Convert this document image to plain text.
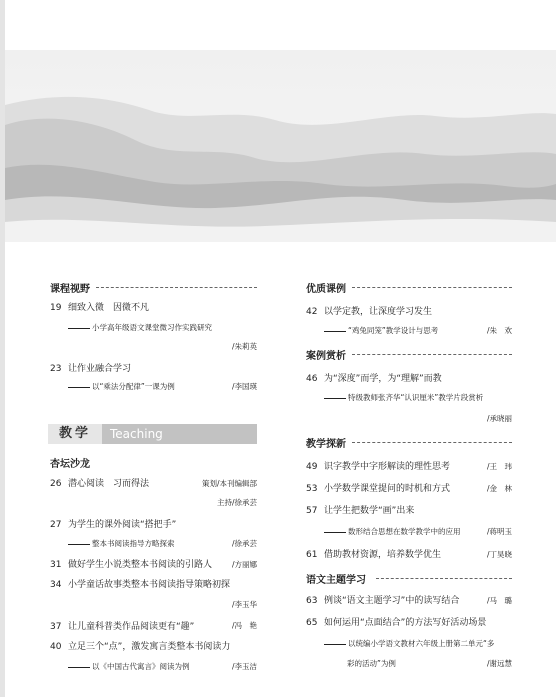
课程视野
19 细致入微　因微不凡
小学高年级语文课堂微习作实践研究
/朱莉英
23 让作业融合学习
以“乘法分配律”一课为例	/李国瑛
教学	Teaching
杏坛沙龙
26 潜心阅读　习而得法	策划/本刊编辑部
主持/徐承芸
27 为学生的课外阅读“搭把手”
整本书阅读指导方略探索	/徐承芸
31 做好学生小说类整本书阅读的引路人	/方丽娜
34 小学童话故事类整本书阅读指导策略初探
/李玉华
37 让儿童科普类作品阅读更有“趣”	/冯　艳
40 立足三个“点”，激发寓言类整本书阅读力
以《中国古代寓言》阅读为例	/李玉洁
优质课例
42 以学定教，让深度学习发生
“鸡兔同笼”教学设计与思考	/朱　欢
案例赏析
46 为“深度”而学，为“理解”而教
特级教师张齐华“认识厘米”教学片段赏析
/承晓丽
教学探新
49 识字教学中字形解读的理性思考	/王　玮
53 小学数学课堂提问的时机和方式	/金　林
57 让学生把数学“画”出来
数形结合思想在数学教学中的应用	/蒋明玉
61 借助教材资源，培养数学优生	/丁昊晓
语文主题学习
63 例谈“语文主题学习”中的读写结合	/马　璐
65 如何运用“点面结合”的方法写好活动场景
以统编小学语文教材六年级上册第二单元“多
彩的活动”为例	/谢远慧
